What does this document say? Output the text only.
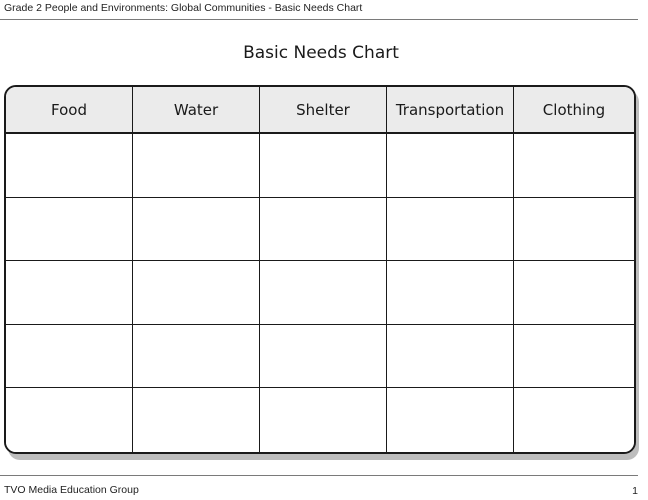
Grade 2 People and Environments: Global Communities - Basic Needs Chart
Basic Needs Chart
Food	Water	Shelter	Transportation	Clothing
TVO Media Education Group	1
